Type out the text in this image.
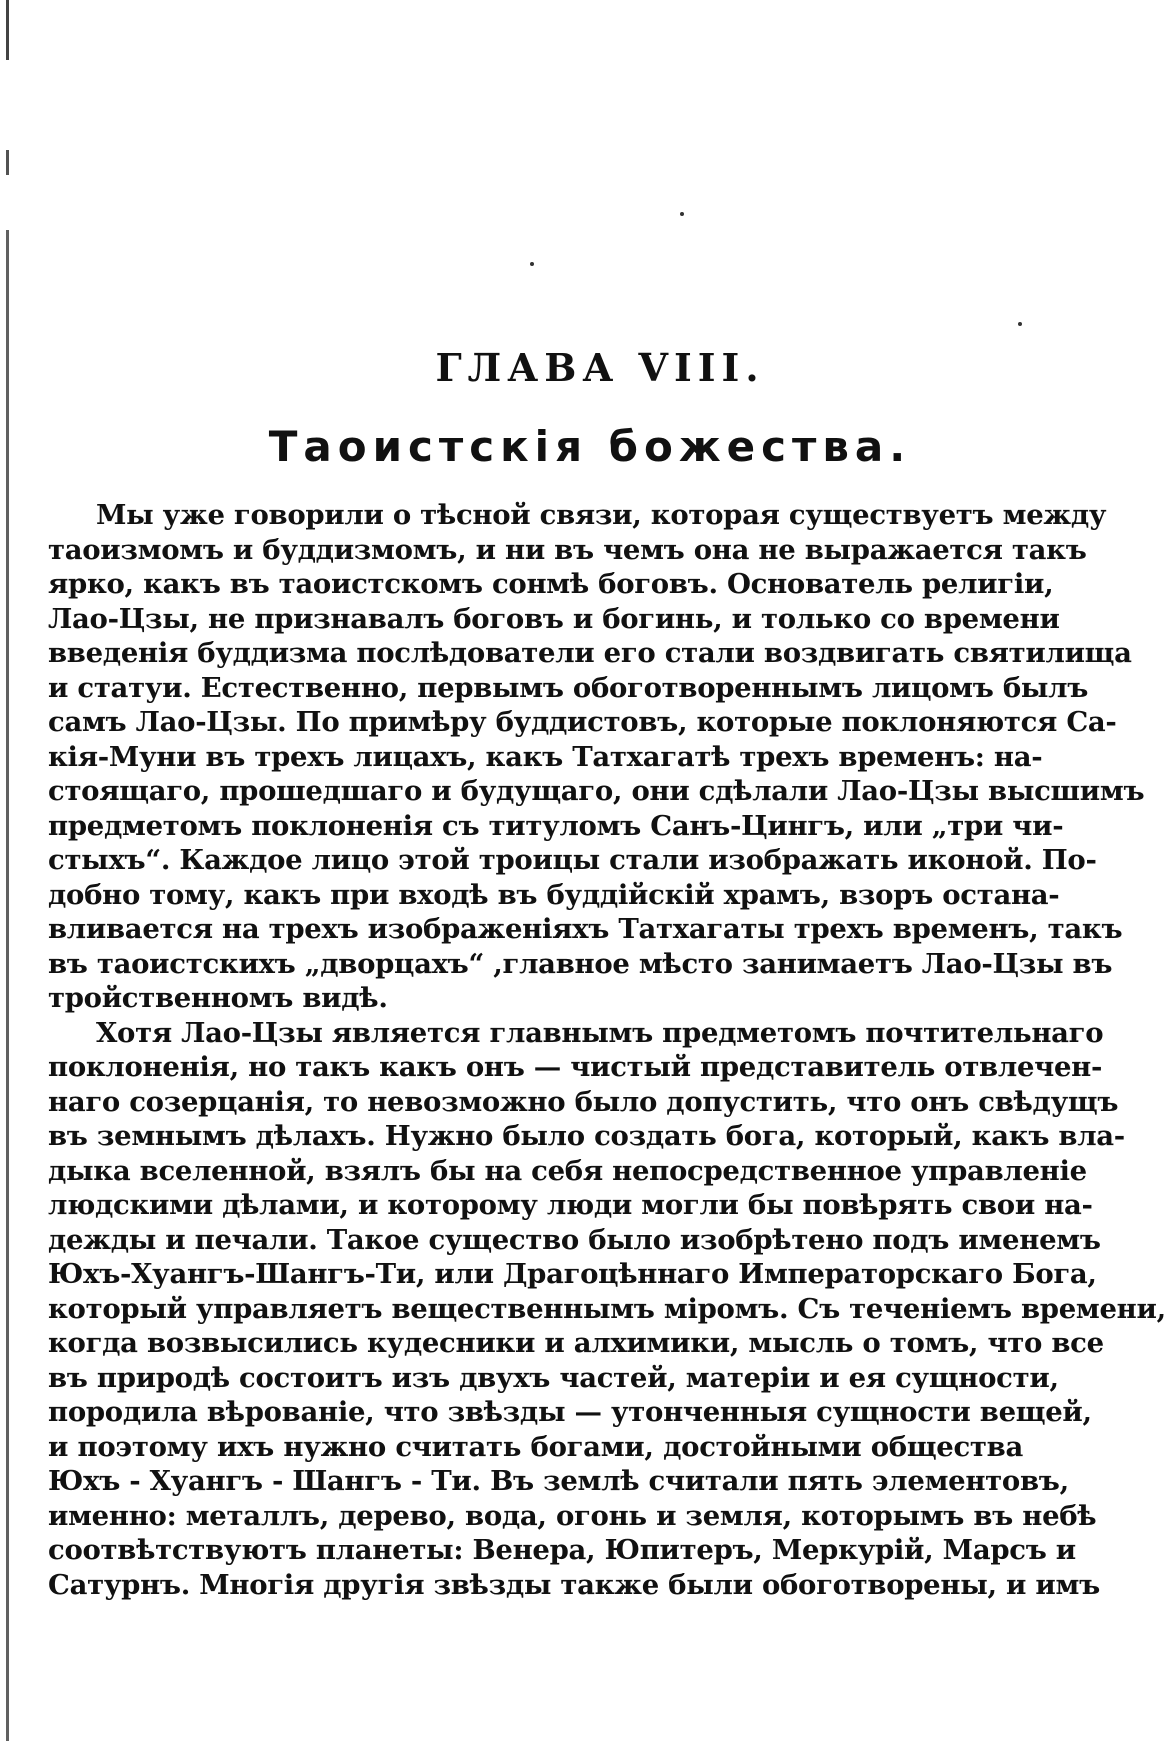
ГЛАВА VIII.
Таоистскія божества.
Мы уже говорили о тѣсной связи, которая существуетъ между
таоизмомъ и буддизмомъ, и ни въ чемъ она не выражается такъ
ярко, какъ въ таоистскомъ сонмѣ боговъ. Основатель религіи,
Лао-Цзы, не признавалъ боговъ и богинь, и только со времени
введенія буддизма послѣдователи его стали воздвигать святилища
и статуи. Естественно, первымъ обоготвореннымъ лицомъ былъ
самъ Лао-Цзы. По примѣру буддистовъ, которые поклоняются Са-
кія-Муни въ трехъ лицахъ, какъ Татхагатѣ трехъ временъ: на-
стоящаго, прошедшаго и будущаго, они сдѣлали Лао-Цзы высшимъ
предметомъ поклоненія съ титуломъ Санъ-Цингъ, или „три чи-
стыхъ“. Каждое лицо этой троицы стали изображать иконой. По-
добно тому, какъ при входѣ въ буддійскій храмъ, взоръ остана-
вливается на трехъ изображеніяхъ Татхагаты трехъ временъ, такъ
въ таоистскихъ „дворцахъ“ ,главное мѣсто занимаетъ Лао-Цзы въ
тройственномъ видѣ.
Хотя Лао-Цзы является главнымъ предметомъ почтительнаго
поклоненія, но такъ какъ онъ — чистый представитель отвлечен-
наго созерцанія, то невозможно было допустить, что онъ свѣдущъ
въ земнымъ дѣлахъ. Нужно было создать бога, который, какъ вла-
дыка вселенной, взялъ бы на себя непосредственное управленіе
людскими дѣлами, и которому люди могли бы повѣрять свои на-
дежды и печали. Такое существо было изобрѣтено подъ именемъ
Юхъ-Хуангъ-Шангъ-Ти, или Драгоцѣннаго Императорскаго Бога,
который управляетъ вещественнымъ міромъ. Съ теченіемъ времени,
когда возвысились кудесники и алхимики, мысль о томъ, что все
въ природѣ состоитъ изъ двухъ частей, матеріи и ея сущности,
породила вѣрованіе, что звѣзды — утонченныя сущности вещей,
и поэтому ихъ нужно считать богами, достойными общества
Юхъ - Хуангъ - Шангъ - Ти. Въ землѣ считали пять элементовъ,
именно: металлъ, дерево, вода, огонь и земля, которымъ въ небѣ
соотвѣтствуютъ планеты: Венера, Юпитеръ, Меркурій, Марсъ и
Сатурнъ. Многія другія звѣзды также были обоготворены, и имъ
